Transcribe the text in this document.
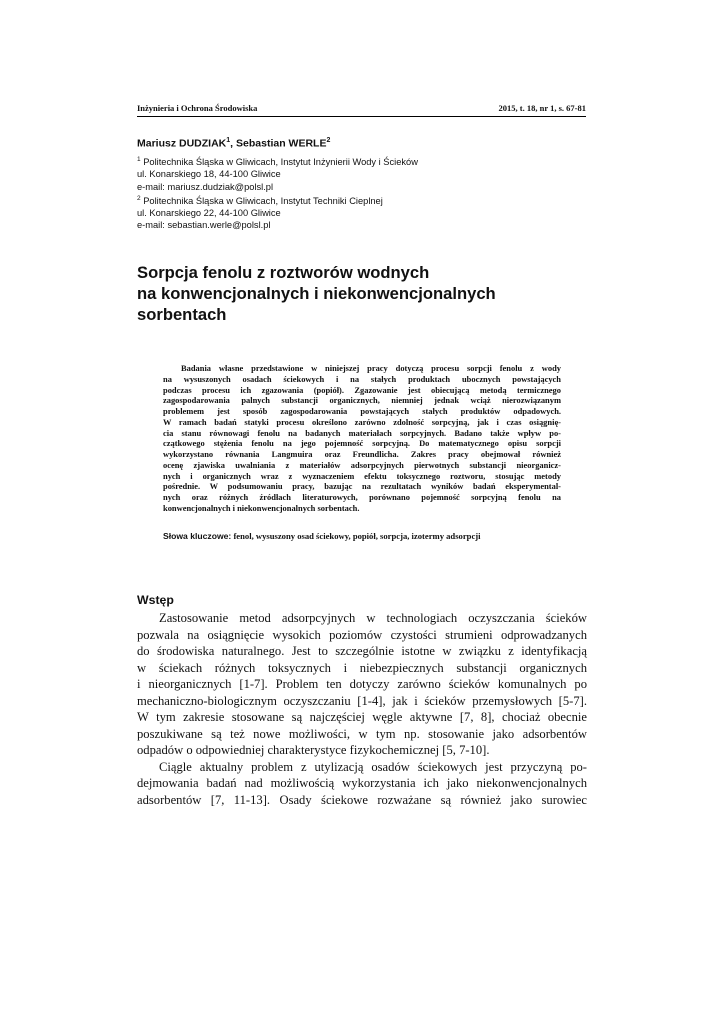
Inżynieria i Ochrona Środowiska	2015, t. 18, nr 1, s. 67-81
Mariusz DUDZIAK$^1$, Sebastian WERLE$^2$
$^1$ Politechnika Śląska w Gliwicach, Instytut Inżynierii Wody i Ścieków
ul. Konarskiego 18, 44-100 Gliwice
e-mail: mariusz.dudziak@polsl.pl
$^2$ Politechnika Śląska w Gliwicach, Instytut Techniki Cieplnej
ul. Konarskiego 22, 44-100 Gliwice
e-mail: sebastian.werle@polsl.pl
Sorpcja fenolu z roztworów wodnych
na konwencjonalnych i niekonwencjonalnych
sorbentach
Badania własne przedstawione w niniejszej pracy dotyczą procesu sorpcji fenolu z wody
na wysuszonych osadach ściekowych i na stałych produktach ubocznych powstających
podczas procesu ich zgazowania (popiół). Zgazowanie jest obiecującą metodą termicznego
zagospodarowania palnych substancji organicznych, niemniej jednak wciąż nierozwiązanym
problemem jest sposób zagospodarowania powstających stałych produktów odpadowych.
W ramach badań statyki procesu określono zarówno zdolność sorpcyjną, jak i czas osiągnię-
cia stanu równowagi fenolu na badanych materiałach sorpcyjnych. Badano także wpływ po-
czątkowego stężenia fenolu na jego pojemność sorpcyjną. Do matematycznego opisu sorpcji
wykorzystano równania Langmuira oraz Freundlicha. Zakres pracy obejmował również
ocenę zjawiska uwalniania z materiałów adsorpcyjnych pierwotnych substancji nieorganicz-
nych i organicznych wraz z wyznaczeniem efektu toksycznego roztworu, stosując metody
pośrednie. W podsumowaniu pracy, bazując na rezultatach wyników badań eksperymental-
nych oraz różnych źródłach literaturowych, porównano pojemność sorpcyjną fenolu na
konwencjonalnych i niekonwencjonalnych sorbentach.
Słowa kluczowe: fenol, wysuszony osad ściekowy, popiół, sorpcja, izotermy adsorpcji
Wstęp
Zastosowanie metod adsorpcyjnych w technologiach oczyszczania ścieków
pozwala na osiągnięcie wysokich poziomów czystości strumieni odprowadzanych
do środowiska naturalnego. Jest to szczególnie istotne w związku z identyfikacją
w ściekach różnych toksycznych i niebezpiecznych substancji organicznych
i nieorganicznych [1-7]. Problem ten dotyczy zarówno ścieków komunalnych po
mechaniczno-biologicznym oczyszczaniu [1-4], jak i ścieków przemysłowych [5-7].
W tym zakresie stosowane są najczęściej węgle aktywne [7, 8], chociaż obecnie
poszukiwane są też nowe możliwości, w tym np. stosowanie jako adsorbentów
odpadów o odpowiedniej charakterystyce fizykochemicznej [5, 7-10].
Ciągle aktualny problem z utylizacją osadów ściekowych jest przyczyną po-
dejmowania badań nad możliwością wykorzystania ich jako niekonwencjonalnych
adsorbentów [7, 11-13]. Osady ściekowe rozważane są również jako surowiec
